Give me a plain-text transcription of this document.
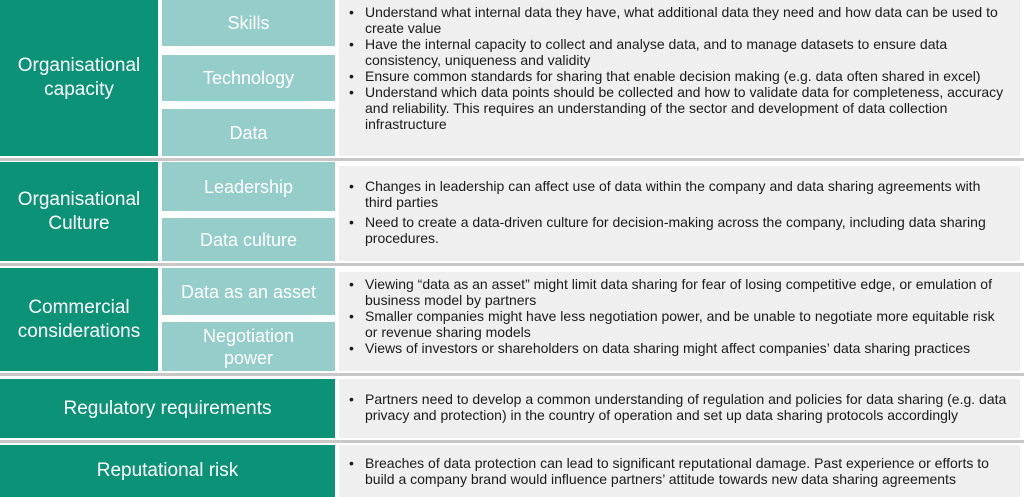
Organisational capacity
Skills
Technology
Data
• Understand what internal data they have, what additional data they need and how data can be used to create value
• Have the internal capacity to collect and analyse data, and to manage datasets to ensure data consistency, uniqueness and validity
• Ensure common standards for sharing that enable decision making (e.g. data often shared in excel)
• Understand which data points should be collected and how to validate data for completeness, accuracy and reliability. This requires an understanding of the sector and development of data collection infrastructure
Organisational Culture
Leadership
Data culture
• Changes in leadership can affect use of data within the company and data sharing agreements with third parties
• Need to create a data-driven culture for decision-making across the company, including data sharing procedures.
Commercial considerations
Data as an asset
Negotiation power
• Viewing “data as an asset” might limit data sharing for fear of losing competitive edge, or emulation of business model by partners
• Smaller companies might have less negotiation power, and be unable to negotiate more equitable risk or revenue sharing models
• Views of investors or shareholders on data sharing might affect companies’ data sharing practices
Regulatory requirements	• Partners need to develop a common understanding of regulation and policies for data sharing (e.g. data privacy and protection) in the country of operation and set up data sharing protocols accordingly
Reputational risk	• Breaches of data protection can lead to significant reputational damage. Past experience or efforts to build a company brand would influence partners’ attitude towards new data sharing agreements
